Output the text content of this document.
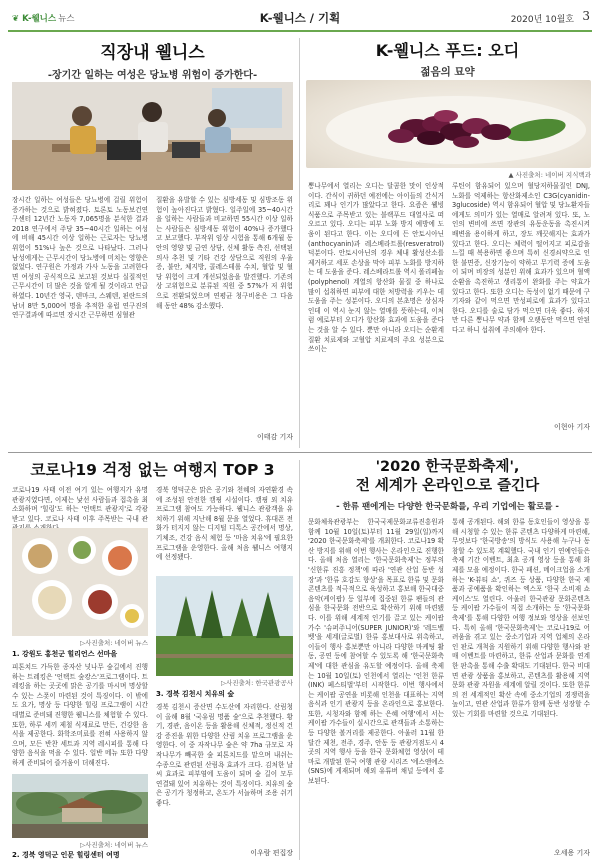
❦ K-웰니스 뉴스	K-웰니스 / 기획	2020년 10월호 3
직장내 웰니스
-장기간 일하는 여성은 당뇨병 위험이 증가한다-
장시간 일하는 여성들은 당뇨병에 걸릴 위험이 증가하는 것으로 밝혀졌다. 토론토 노동보건연구센터 12년간 노동자 7,065명을 분석한 결과 2018 연구에서 주당 35~40시간 일하는 여성에 비해 45시간 이상 일하는 근로자는 당뇨병 위험이 51%나 높은 것으로 나타났다. 그러나 남성에게는 근무시간이 당뇨병에 미치는 영향은 없었다. 연구원은 가정과 가사 노동을 고려한다면 여성의 공식적으로 보고된 것보다 실질적인 근무시간이 더 많은 것을 알게 될 것이라고 언급하였다. 10년간 영국, 덴마크, 스웨덴, 핀란드의 남녀 8만 5,000여 명을 추적한 유럽 연구진의 연구결과에 따르면 장시간 근무하면 심혈관
질환을 유발할 수 있는 심방세동 및 심방조동 위험이 높아진다고 밝혔다. 일주일에 35~40시간을 일하는 사람들과 비교하면 55시간 이상 일하는 사람들은 심방세동 위험이 40%나 증가했다고 보고했다. 부작위 임상 시험을 통해 6개월 동안의 영양 및 금연 상담, 신체 활동 측진, 선택된 의사 추천 및 기타 건강 상담으로 직원의 우울증, 불안, 체지방, 콜레스테롤 수치, 혈압 및 혈당 위험이 크게 개선되었음을 발견했다. 기존의 상 고위험으로 분류된 직원 중 57%가 저 위험으로 전환되었으며 연평균 청구비용은 그 다음 해 동안 48% 감소했다.
이태감 기자
K-웰니스 푸드: 오디
젊음의 묘약
▲ 사진출처: 네이버 지식백과
뽕나무에서 열리는 오디는 달콤한 맛이 인상적이다. 간식이 귀하던 예전에는 아이들의 간식거리로 꽤나 인기가 많았다고 한다. 요즘은 웰빙 식품으로 주목받고 있는 블랙푸드 대열사로 떠오르고 있다. 오디는 피부 노화 방지 예방에 도움이 된다고 한다. 이는 오디에 든 안토시아닌(anthocyanin)과 레스베라트롤(resveratrol)덕분이다. 안토시아닌의 경우 체내 활성산소를 제거하고 세포 손상을 막아 피부 노화를 방지하는 데 도움을 준다. 레스베라트롤 역시 폴리페놀(polyphenol) 계열의 항산화 물질 중 하나로 많이 섭취하면 피부에 대한 처방력을 키우는 데 도움을 주는 성분이다. 오디의 본초명은 상심자인데 이 역시 눈지 않는 열매를 뜻하는데, 이처럼 예로부터 오디가 항산화 효과에 도움을 준다는 것을 알 수 있다. 뿐만 아니라 오디는 순환계질환 치료제와 고혈압 치료제의 주요 성분으로 쓰이는
루틴이 함유되어 있으며 혈당저하물질인 DNJ, 노화를 억제하는 항산화제소인 C3G(cyanidin-3glucoside) 역시 함유되어 혈압 및 당뇨환자들에게도 의미가 있는 열매로 알려져 있다. 또, 노인의 변비에 쓰면 장관의 유동운동을 촉진시켜 배변을 용이하게 하고, 장도 깨끗해지는 효과가 있다고 한다. 오디는 체력이 떨어지고 피로감을 느낄 때 복용하면 좋으며 특히 신경쇠약으로 인한 불면증, 신장기능이 약하고 무기력 증에 도움이 되며 비장의 성분인 위해 효과가 있으며 혈액 순환을 촉진하고 생리통이 완화를 주는 약효가 있다고 한다. 또한 오디는 독성이 없기 때문에 구기자와 같이 먹으면 만성피로에 효과가 있다고 한다. 오디를 술로 담가 먹으면 더욱 좋다. 하지만 다른 뽕나무 약과 함께 오랫동안 먹으면 안된다고 하니 섭취에 주의해야 한다.
이현아 기자
코로나19 걱정 없는 여행지 TOP 3
코로나19 사태 이전 여기 있는 여행지가 유명 관광지였다면, 이제는 낯선 사람들과 접촉을 최소화하며 '힐링'도 하는 '언택트 관광지'로 각광받고 있다. 코로나 사태 이후 주목받는 국내 관
▷사진출처: 네이버 뉴스
1. 강원도 홍천군 힐리언스 선마을
피톤치드 가득한 종자산 넛나무 숲길에서 진행하는 트레킹은 '언택트 숲캉스'프로그램이다. 트레킹을 하는 곳곳에 맑은 공기를 마시며 명상할 수 있는 스폿이 마련된 것이 특징이다. 이 밖에도 요가, 명상 등 다양한 힐링 프로그램이 시간대별로 준비돼 진행한 웰니스를 체험할 수 있다. 또한, 하루 세끼 제철 식재료로 만든, 건강한 음식을 제공한다. 화학조미료를 전혀 사용하지 않으며, 모든 반찬 세트과 지역 레시피를 통해 다양한 음식을 먹을 수 있다. 일반 메뉴 또한 다양하게 준비되어 즐거움이 더해진다.
▷사진출처: 네이버 뉴스
2. 경북 영덕군 인문 힐링센터 여명
경북 영덕군은 맑은 공기와 천혜의 자연환경 속에 조성된 안전한 캠핑 시설이다. 캠핑 외 치유 프로그램 참여도 가능하다. 웰니스 관광객을 유치하기 위해 지난해 8월 문을 열었다. 휴대폰 전화가 터지지 않는 디지털 디톡스 공간에서 명상, 기체조, 건강 음식 체험 등 '마음 치유'에 필요한 프로그램을 운영한다. 올해 처음 웰니스 여행지에 선정됐다.
▷사진출처: 한국관광공사
3. 경북 김천시 치유의 숲
경북 김천시 증산면 수도산에 자리한다. 산림청이 올해 8월 '국유림 명품 숲'으로 추천했다. 황기, 경관, 음이온 등을 활용해 신체적, 정신적 건강 증진을 위한 다양한 산림 치유 프로그램을 운영한다. 이 중 자작나무 숲은 약 7ha 규모로 자작나무가 빼곡한 숲 피톤치드를 맡으며 내쉬는 수종으로 관련된 산림욕 효과가 크다. 김처한 날씨 효과로 피부염에 도움이 되며 숲 길이 모두 연결돼 있어 치유하는 것이 특징이다. 치유의 숲은 공기가 청정하고, 온도가 서늘하며 조용 쉬기 좋다.
이우람 편집장
'2020 한국문화축제',
전 세계가 온라인으로 즐긴다
- 한류 팬에게는 다양한 한국문화를, 우리 기업에는 활로를 -
문화체육관광부는 한국국제문화교류진흥원과 함께 10월 10일(토)부터 11월 29일(일)까지 '2020 한국문화축제'를 개최한다. 코로나19 확산 방지를 위해 이번 행사는 온라인으로 진행한다. 올해 처음 열리는 '한국문화축제'는 정부의 '신한류 진흥 정책'에 따라 '연관 산업 동반 성장'과 '한류 호감도 향상'을 목표로 한류 및 문화 콘텐츠를 적극적으로 육성하고 홍보해 한국대중음악(케이팝) 등 일부에 집중된 한류 팬들의 관심을 한국문화 전반으로 확산하기 위해 마련됐다. 이를 위해 세계적 인기를 끌고 있는 케이팝 가수 '슈퍼주니어(SUPER JUNIOR)'와 '레드벨벳'을 세계(글로벌) 한류 홍보대사로 위촉하고, 이들이 행사 홍보뿐만 아니라 다양한 마케팅 활동, 공연 등에 참여할 수 있도록 해 '한국문화축제'에 대한 관심을 유도할 예정이다. 올해 축제는 10월 10일(토) 인천에서 열리는 '인천 한류(INK) 페스티벌'부터 시작한다. 이번 행사에서는 케이팝 공연을 비롯해 인천을 대표하는 지역 음식과 인기 관광지 등을 온라인으로 홍보한다. 또한, 시청자와 함께 하는 은혜 여행'에서 서는 케이팝 가수들이 실시간으로 관객들과 소통하는 등 다양한 볼거리를 제공한다. 아울러 11월 한 달간 제천, 전주, 경주, 안동 등 관광거점도시 4곳의 지역 행사 등을 한국 문화체험 영상(이 테마로 개발된 한국 여행 관광 시리즈 '에스앤에스(SNS)에 게재되며 해외 유튜버 채널 등에서 홍보된다.
통해 공개된다. 해외 한류 동호인들이 영상을 통해 시청할 수 있는 한류 콘텐츠 다양하게 마련해, 무엇보다 '한국방송'의 방식도 사용해 누구나 동참할 수 있도록 계획했다. 국내 인기 연예인들은 축제 기간 이벤트, 최초 공개 영상 등을 통해 화제를 모을 예정이다. 한국 패션, 메이크업을 소개하는 'K-뷰티 쇼', 퀴즈 등 상품, 다양한 한국 제품과 공예품을 확인하는 엑스포 '한국 소비재 쇼케이스'도 열린다. 아울러 한국관광 문화콘텐츠 등 케이팝 가수들이 직접 소개하는 등 '한국문화축제'를 통해 다양한 여행 정보와 영상을 선보인다. 특히 올해 '한국문화축제'는 코로나19로 어려움을 겪고 있는 중소기업과 지역 업체의 온라인 판로 개척을 지원하기 위해 다양한 행사와 판매 이벤트를 마련하고, 한류 산업과 문화를 연계한 판촉을 통해 수출 확대도 기대된다. 한국 비대면 관광 상품을 홍보하고, 콘텐츠를 활용해 지역 문화 관광 자원을 세계에 알릴 것이다. 또한 한류의 전 세계적인 확산 속에 중소기업의 경쟁력을 높이고, 연관 산업과 한류가 함께 동반 성장할 수 있는 기회를 마련할 것으로 기대된다.
오세용 기자
